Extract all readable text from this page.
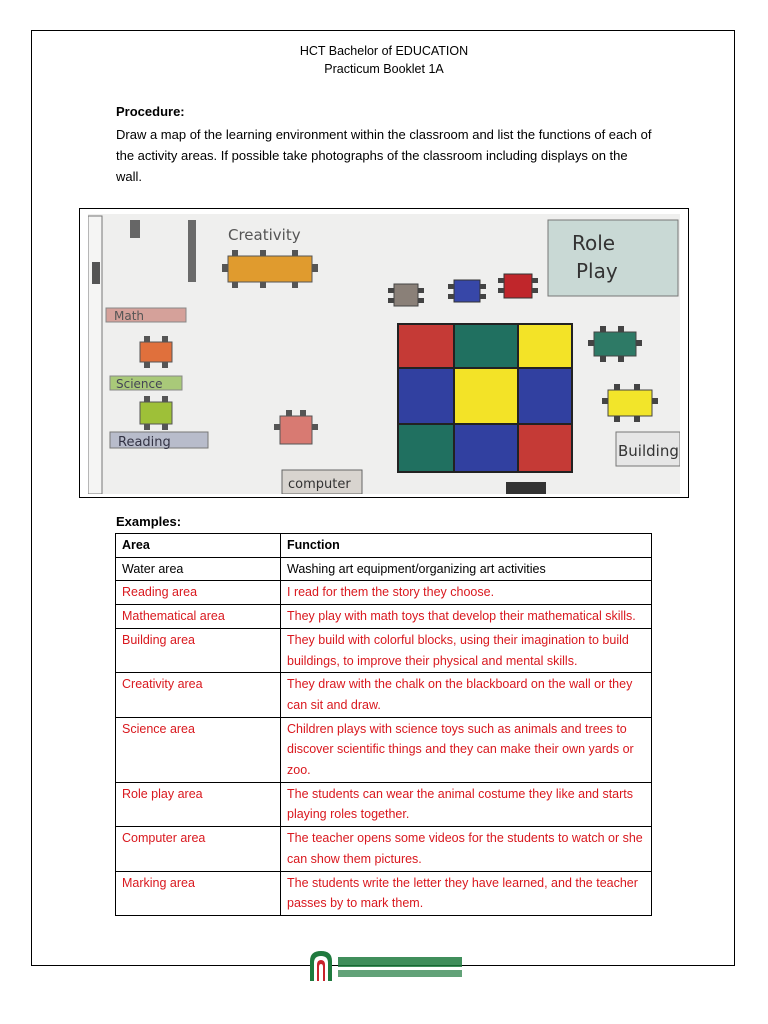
HCT Bachelor of EDUCATION
Practicum Booklet 1A
Procedure:
Draw a map of the learning environment within the classroom and list the functions of each of the activity areas. If possible take photographs of the classroom including displays on the wall.
Creativity	Role
Play
Math
Science
Reading
computer
Building
Examples:
Area	Function
Water area	Washing art equipment/organizing art activities
Reading area	I read for them the story they choose.
Mathematical area	They play with math toys that develop their mathematical skills.
Building area	They build with colorful blocks, using their imagination to build buildings, to improve their physical and mental skills.
Creativity area	They draw with the chalk on the blackboard on the wall or they can sit and draw.
Science area	Children plays with science toys such as animals and trees to discover scientific things and they can make their own yards or zoo.
Role play area	The students can wear the animal costume they like and starts playing roles together.
Computer area	The teacher opens some videos for the students to watch or she can show them pictures.
Marking area	The students write the letter they have learned, and the teacher passes by to mark them.
